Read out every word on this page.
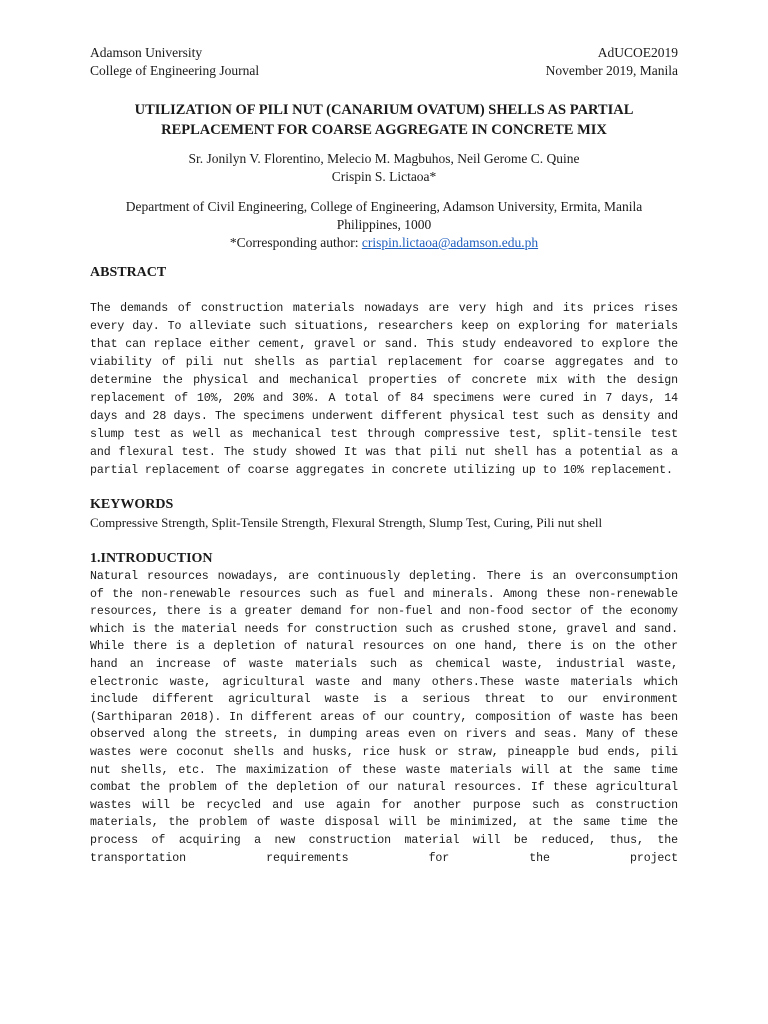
Adamson University
College of Engineering Journal
AdUCOE2019
November 2019, Manila
UTILIZATION OF PILI NUT (CANARIUM OVATUM) SHELLS AS PARTIAL
REPLACEMENT FOR COARSE AGGREGATE IN CONCRETE MIX
Sr. Jonilyn V. Florentino, Melecio M. Magbuhos, Neil Gerome C. Quine
Crispin S. Lictaoa*
Department of Civil Engineering, College of Engineering, Adamson University, Ermita, Manila
Philippines, 1000
*Corresponding author: crispin.lictaoa@adamson.edu.ph
ABSTRACT
The demands of construction materials nowadays are very high and its prices rises every day. To alleviate such situations, researchers keep on exploring for materials that can replace either cement, gravel or sand. This study endeavored to explore the viability of pili nut shells as partial replacement for coarse aggregates and to determine the physical and mechanical properties of concrete mix with the design replacement of 10%, 20% and 30%. A total of 84 specimens were cured in 7 days, 14 days and 28 days. The specimens underwent different physical test such as density and slump test as well as mechanical test through compressive test, split-tensile test and flexural test. The study showed It was that pili nut shell has a potential as a partial replacement of coarse aggregates in concrete utilizing up to 10% replacement.
KEYWORDS
Compressive Strength, Split-Tensile Strength, Flexural Strength, Slump Test, Curing, Pili nut shell
1.INTRODUCTION
Natural resources nowadays, are continuously depleting. There is an overconsumption of the non-renewable resources such as fuel and minerals. Among these non-renewable resources, there is a greater demand for non-fuel and non-food sector of the economy which is the material needs for construction such as crushed stone, gravel and sand. While there is a depletion of natural resources on one hand, there is on the other hand an increase of waste materials such as chemical waste, industrial waste, electronic waste, agricultural waste and many others.These waste materials which include different agricultural waste is a serious threat to our environment (Sarthiparan 2018). In different areas of our country, composition of waste has been observed along the streets, in dumping areas even on rivers and seas. Many of these wastes were coconut shells and husks, rice husk or straw, pineapple bud ends, pili nut shells, etc. The maximization of these waste materials will at the same time combat the problem of the depletion of our natural resources. If these agricultural wastes will be recycled and use again for another purpose such as construction materials, the problem of waste disposal will be minimized, at the same time the process of acquiring a new construction material will be reduced, thus, the transportation requirements for the project
